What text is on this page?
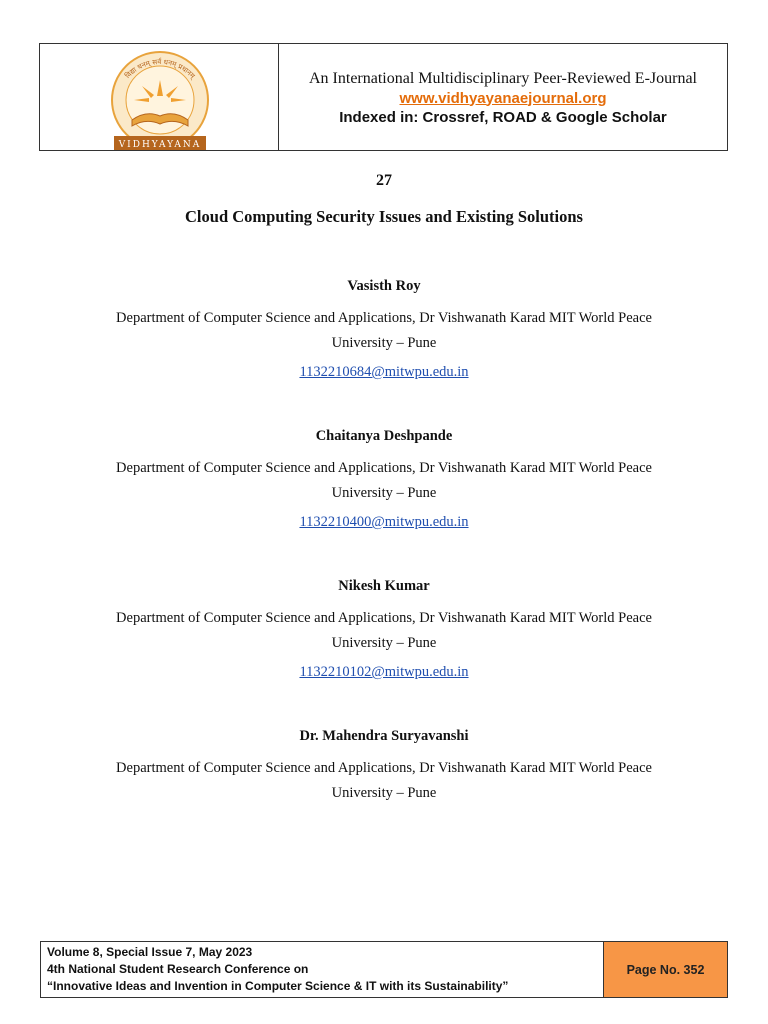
विद्या धनम् सर्व धनम् प्रधानम्
VIDHYAYANA
An International Multidisciplinary Peer-Reviewed E-Journal
www.vidhyayanaejournal.org
Indexed in: Crossref, ROAD & Google Scholar
27
Cloud Computing Security Issues and Existing Solutions
Vasisth Roy
Department of Computer Science and Applications, Dr Vishwanath Karad MIT World Peace
University – Pune
1132210684@mitwpu.edu.in
Chaitanya Deshpande
Department of Computer Science and Applications, Dr Vishwanath Karad MIT World Peace
University – Pune
1132210400@mitwpu.edu.in
Nikesh Kumar
Department of Computer Science and Applications, Dr Vishwanath Karad MIT World Peace
University – Pune
1132210102@mitwpu.edu.in
Dr. Mahendra Suryavanshi
Department of Computer Science and Applications, Dr Vishwanath Karad MIT World Peace
University – Pune
Volume 8, Special Issue 7, May 2023
4th National Student Research Conference on
“Innovative Ideas and Invention in Computer Science & IT with its Sustainability”
Page No. 352
